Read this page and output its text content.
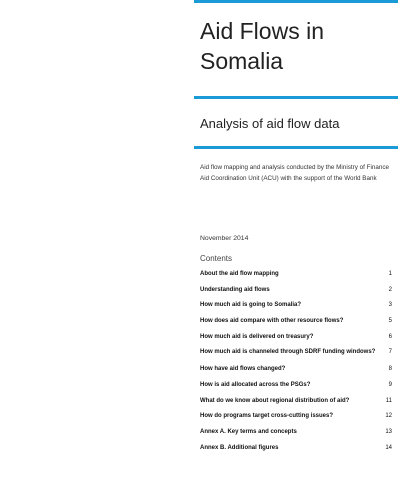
Aid Flows in Somalia
Analysis of aid flow data
Aid flow mapping and analysis conducted by the Ministry of Finance Aid Coordination Unit (ACU) with the support of the World Bank
November 2014
Contents
About the aid flow mapping	1
Understanding aid flows	2
How much aid is going to Somalia?	3
How does aid compare with other resource flows?	5
How much aid is delivered on treasury?	6
How much aid is channeled through SDRF funding windows?	7
How have aid flows changed?	8
How is aid allocated across the PSGs?	9
What do we know about regional distribution of aid?	11
How do programs target cross-cutting issues?	12
Annex A. Key terms and concepts	13
Annex B. Additional figures	14
